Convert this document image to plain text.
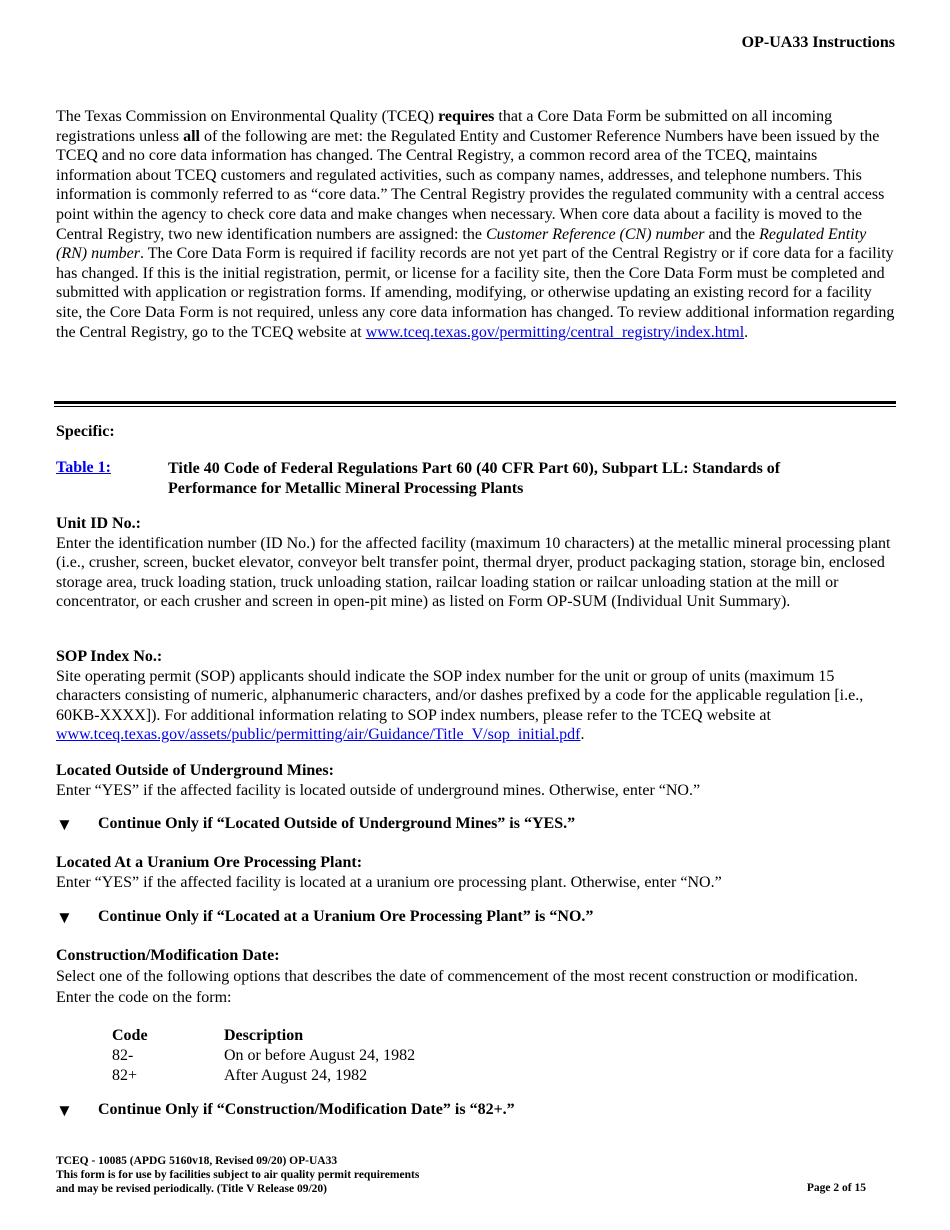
OP-UA33 Instructions

The Texas Commission on Environmental Quality (TCEQ) requires that a Core Data Form be submitted on all incoming registrations unless all of the following are met: the Regulated Entity and Customer Reference Numbers have been issued by the TCEQ and no core data information has changed. The Central Registry, a common record area of the TCEQ, maintains information about TCEQ customers and regulated activities, such as company names, addresses, and telephone numbers. This information is commonly referred to as “core data.” The Central Registry provides the regulated community with a central access point within the agency to check core data and make changes when necessary. When core data about a facility is moved to the Central Registry, two new identification numbers are assigned: the Customer Reference (CN) number and the Regulated Entity (RN) number. The Core Data Form is required if facility records are not yet part of the Central Registry or if core data for a facility has changed. If this is the initial registration, permit, or license for a facility site, then the Core Data Form must be completed and submitted with application or registration forms. If amending, modifying, or otherwise updating an existing record for a facility site, the Core Data Form is not required, unless any core data information has changed. To review additional information regarding the Central Registry, go to the TCEQ website at www.tceq.texas.gov/permitting/central_registry/index.html.

Specific:
Table 1:	Title 40 Code of Federal Regulations Part 60 (40 CFR Part 60), Subpart LL: Standards of Performance for Metallic Mineral Processing Plants
Unit ID No.:

Enter the identification number (ID No.) for the affected facility (maximum 10 characters) at the metallic mineral processing plant (i.e., crusher, screen, bucket elevator, conveyor belt transfer point, thermal dryer, product packaging station, storage bin, enclosed storage area, truck loading station, truck unloading station, railcar loading station or railcar unloading station at the mill or concentrator, or each crusher and screen in open-pit mine) as listed on Form OP-SUM (Individual Unit Summary).

SOP Index No.:

Site operating permit (SOP) applicants should indicate the SOP index number for the unit or group of units (maximum 15 characters consisting of numeric, alphanumeric characters, and/or dashes prefixed by a code for the applicable regulation [i.e., 60KB-XXXX]). For additional information relating to SOP index numbers, please refer to the TCEQ website at www.tceq.texas.gov/assets/public/permitting/air/Guidance/Title_V/sop_initial.pdf.

Located Outside of Underground Mines:

Enter “YES” if the affected facility is located outside of underground mines. Otherwise, enter “NO.”

▼ Continue Only if “Located Outside of Underground Mines” is “YES.”
Located At a Uranium Ore Processing Plant:

Enter “YES” if the affected facility is located at a uranium ore processing plant. Otherwise, enter “NO.”

▼ Continue Only if “Located at a Uranium Ore Processing Plant” is “NO.”
Construction/Modification Date:

Select one of the following options that describes the date of commencement of the most recent construction or modification. Enter the code on the form:

Code	Description
82-	On or before August 24, 1982
82+	After August 24, 1982
▼ Continue Only if “Construction/Modification Date” is “82+.”
TCEQ - 10085 (APDG 5160v18, Revised 09/20) OP-UA33
This form is for use by facilities subject to air quality permit requirements
and may be revised periodically. (Title V Release 09/20)	Page 2 of 15
